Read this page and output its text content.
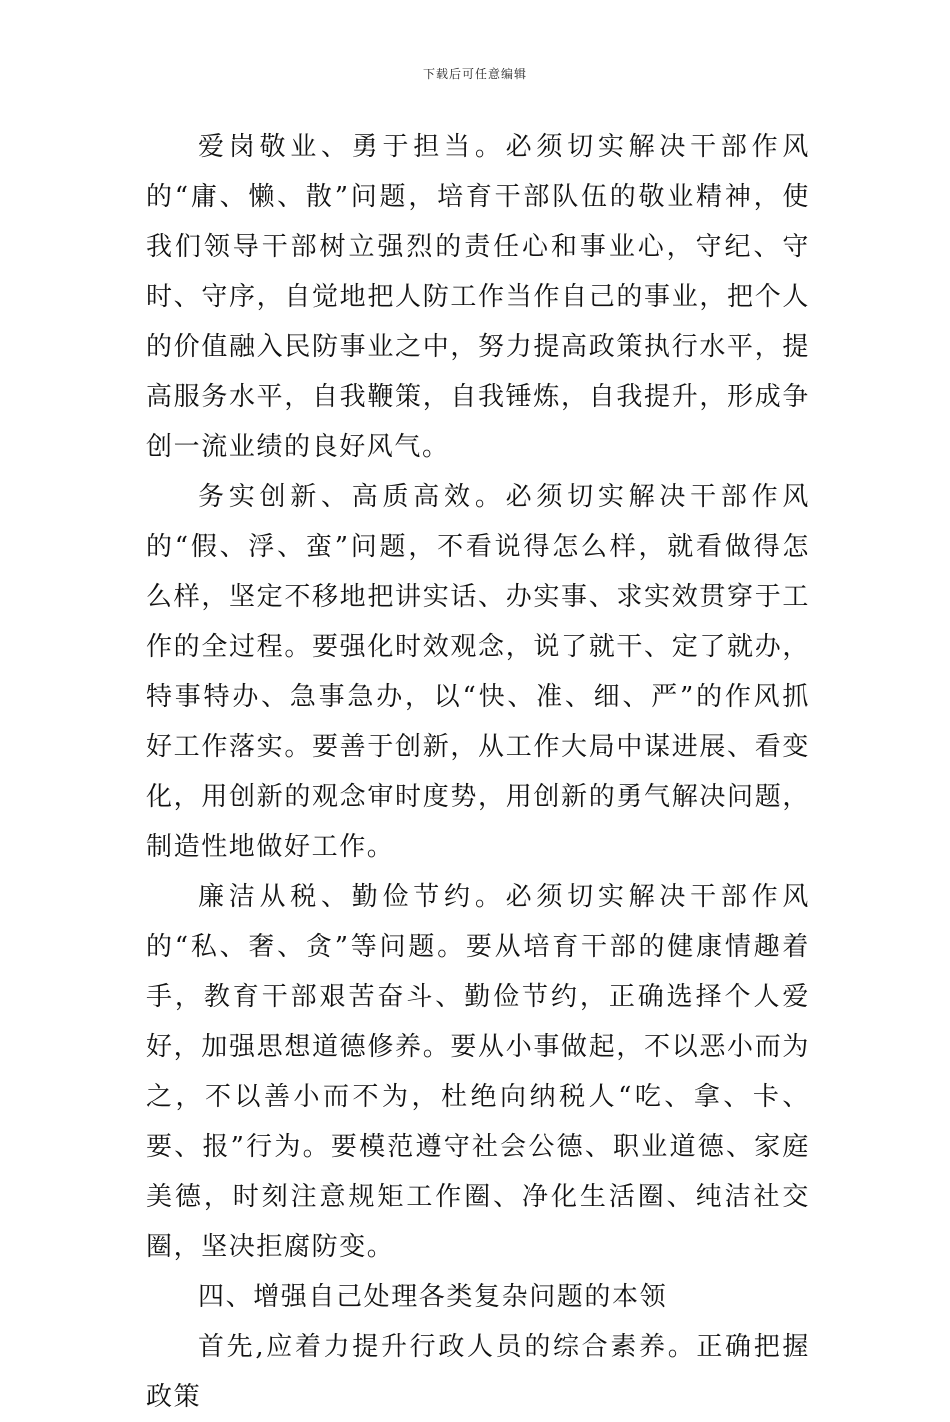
下载后可任意编辑

爱岗敬业、勇于担当。必须切实解决干部作风的“庸、懒、散”问题，培育干部队伍的敬业精神，使我们领导干部树立强烈的责任心和事业心，守纪、守时、守序，自觉地把人防工作当作自己的事业，把个人的价值融入民防事业之中，努力提高政策执行水平，提高服务水平，自我鞭策，自我锤炼，自我提升，形成争创一流业绩的良好风气。

务实创新、高质高效。必须切实解决干部作风的“假、浮、蛮”问题，不看说得怎么样，就看做得怎么样，坚定不移地把讲实话、办实事、求实效贯穿于工作的全过程。要强化时效观念，说了就干、定了就办，特事特办、急事急办，以“快、准、细、严”的作风抓好工作落实。要善于创新，从工作大局中谋进展、看变化，用创新的观念审时度势，用创新的勇气解决问题，制造性地做好工作。

廉洁从税、勤俭节约。必须切实解决干部作风的“私、奢、贪”等问题。要从培育干部的健康情趣着手，教育干部艰苦奋斗、勤俭节约，正确选择个人爱好，加强思想道德修养。要从小事做起，不以恶小而为之，不以善小而不为，杜绝向纳税人“吃、拿、卡、要、报”行为。要模范遵守社会公德、职业道德、家庭美德，时刻注意规矩工作圈、净化生活圈、纯洁社交圈，坚决拒腐防变。

四、增强自己处理各类复杂问题的本领

首先,应着力提升行政人员的综合素养。正确把握政策
